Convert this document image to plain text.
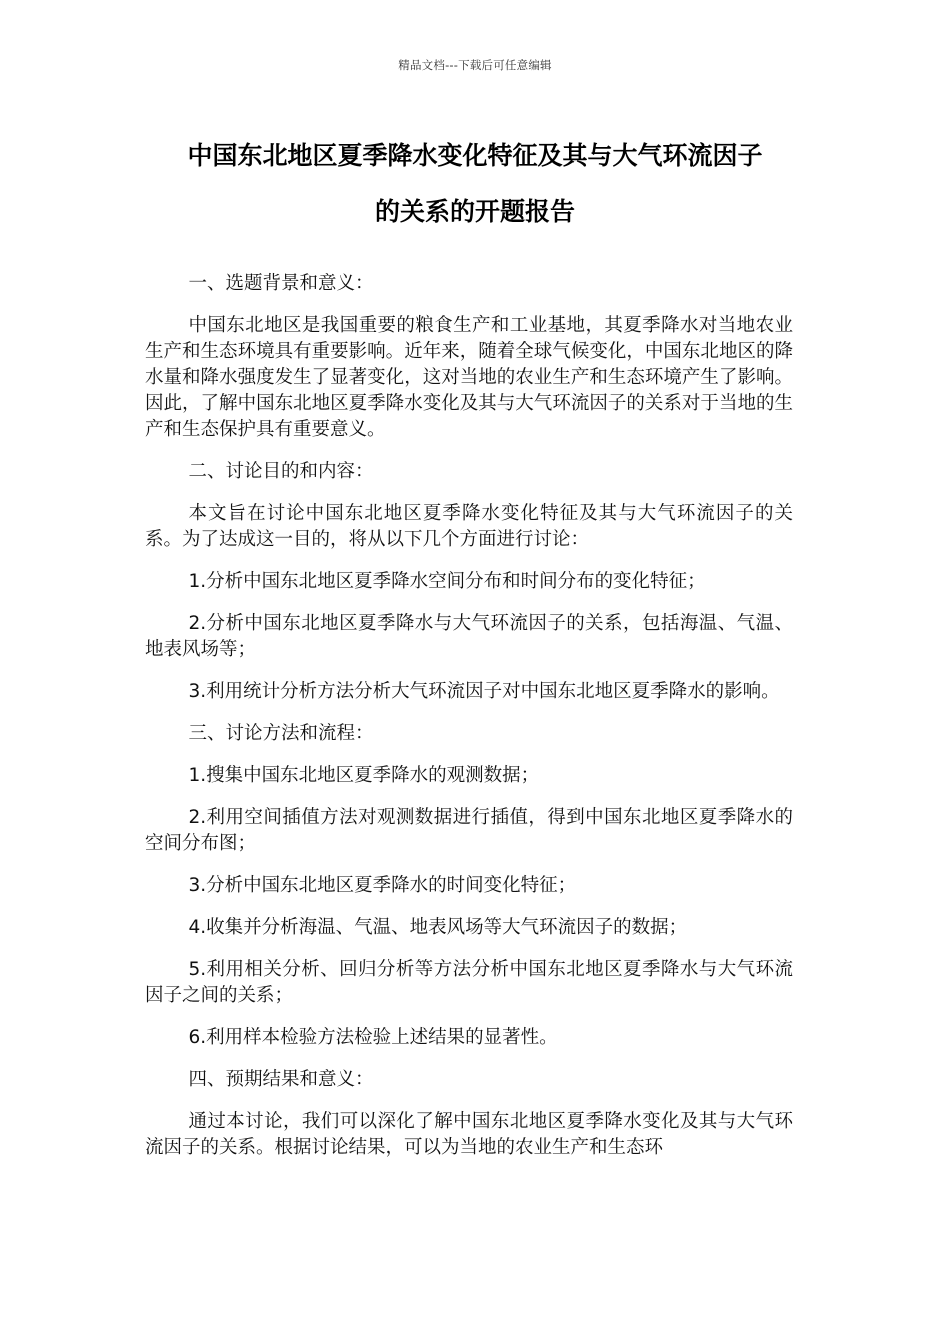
精品文档---下载后可任意编辑
中国东北地区夏季降水变化特征及其与大气环流因子
的关系的开题报告

一、选题背景和意义：

中国东北地区是我国重要的粮食生产和工业基地，其夏季降水对当地农业生产和生态环境具有重要影响。近年来，随着全球气候变化，中国东北地区的降水量和降水强度发生了显著变化，这对当地的农业生产和生态环境产生了影响。因此，了解中国东北地区夏季降水变化及其与大气环流因子的关系对于当地的生产和生态保护具有重要意义。

二、讨论目的和内容：

本文旨在讨论中国东北地区夏季降水变化特征及其与大气环流因子的关系。为了达成这一目的，将从以下几个方面进行讨论：

1.分析中国东北地区夏季降水空间分布和时间分布的变化特征；

2.分析中国东北地区夏季降水与大气环流因子的关系，包括海温、气温、地表风场等；

3.利用统计分析方法分析大气环流因子对中国东北地区夏季降水的影响。

三、讨论方法和流程：

1.搜集中国东北地区夏季降水的观测数据；

2.利用空间插值方法对观测数据进行插值，得到中国东北地区夏季降水的空间分布图；

3.分析中国东北地区夏季降水的时间变化特征；

4.收集并分析海温、气温、地表风场等大气环流因子的数据；

5.利用相关分析、回归分析等方法分析中国东北地区夏季降水与大气环流因子之间的关系；

6.利用样本检验方法检验上述结果的显著性。

四、预期结果和意义：

通过本讨论，我们可以深化了解中国东北地区夏季降水变化及其与大气环流因子的关系。根据讨论结果，可以为当地的农业生产和生态环
